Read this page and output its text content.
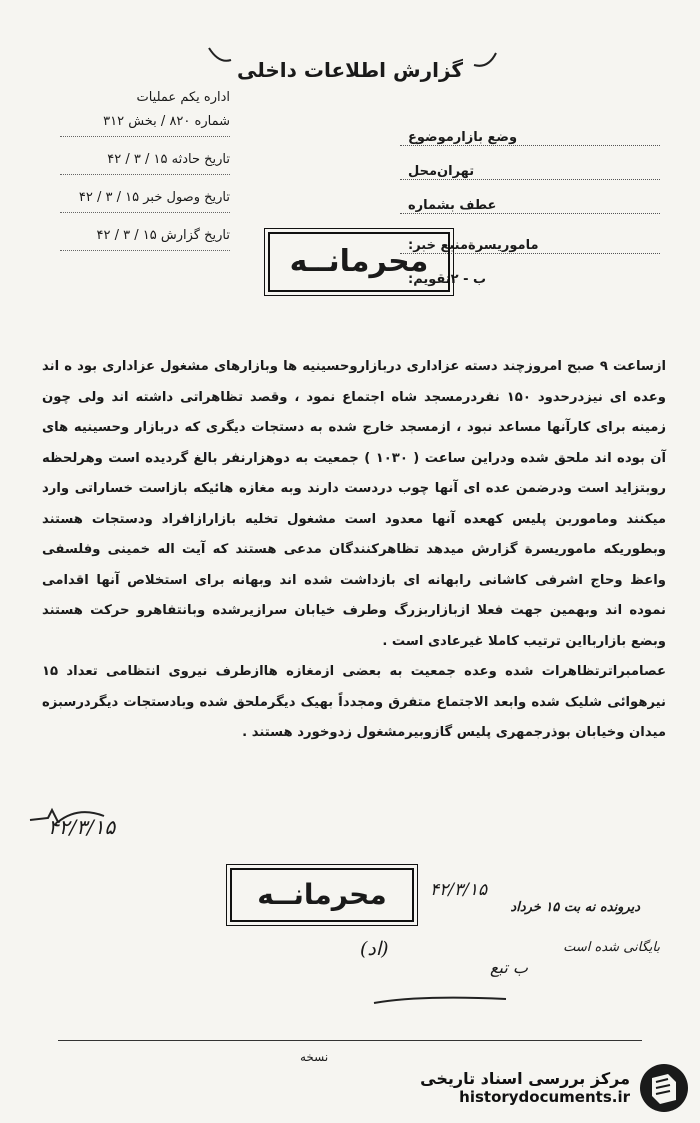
گزارش اطلاعات داخلی
موضوع وضع بازار
محل تهران
عطف بشماره
منبع خبر: ماموریسرة
تقویم: ب - ۲
اداره یکم عملیات
شماره ۸۲۰ / بخش ۳۱۲
تاریخ حادثه ۱۵ / ۳ / ۴۲
تاریخ وصول خبر ۱۵ / ۳ / ۴۲
تاریخ گزارش ۱۵ / ۳ / ۴۲
محرمانــه

ازساعت ۹ صبح امروزچند دسته عزاداری دربازاروحسینیه ها وبازارهای مشغول عزاداری بود ه اند وعده ای نیزدرحدود ۱۵۰ نفردرمسجد شاه اجتماع نمود ، وقصد تظاهراتی داشته اند ولی چون زمینه برای کارآنها مساعد نبود ، ازمسجد خارج شده به دستجات دیگری که دربازار وحسینیه های آن بوده اند ملحق شده ودراین ساعت ( ۱۰۳۰ ) جمعیت به دوهزارنفر بالغ گردیده است وهرلحظه روبتزاید است ودرضمن عده ای آنها چوب دردست دارند وبه مغازه هائیکه بازاست خساراتی وارد میکنند وماموربن پلیس کهعده آنها معدود است مشغول تخلیه بازارازافراد ودستجات هستند وبطوریکه ماموریسرة گزارش میدهد تظاهرکنندگان مدعی هستند که آیت اله خمینی وفلسفی واعظ وحاج اشرفی کاشانی رابهانه ای بازداشت شده اند وبهانه برای استخلاص آنها اقدامی نموده اند وبهمین جهت فعلا ازبازاربزرگ وطرف خیابان سرازیرشده وبانتفاهرو حرکت هستند وبضع بازاربااین ترتیب کاملا غیرعادی است .

عصامبراترتظاهرات شده وعده جمعیت به بعضی ازمغازه هاازطرف نیروی انتظامی تعداد ۱۵ نیرهوائی شلیک شده وابعد الاجتماع متفرق ومجدداً بهیک دیگرملحق شده وبادستجات دیگردرسبزه میدان وخیابان بوذرجمهری پلیس گازوبیرمشغول زدوخورد هستند .

۴۲/۳/۱۵
محرمانــه	۴۲/۳/۱۵
دیرونده نه بت ۱۵ خرداد
بایگانی شده است
(اد)
ب تبع
نسخه
مرکز بررسی اسناد تاریخی
historydocuments.ir
